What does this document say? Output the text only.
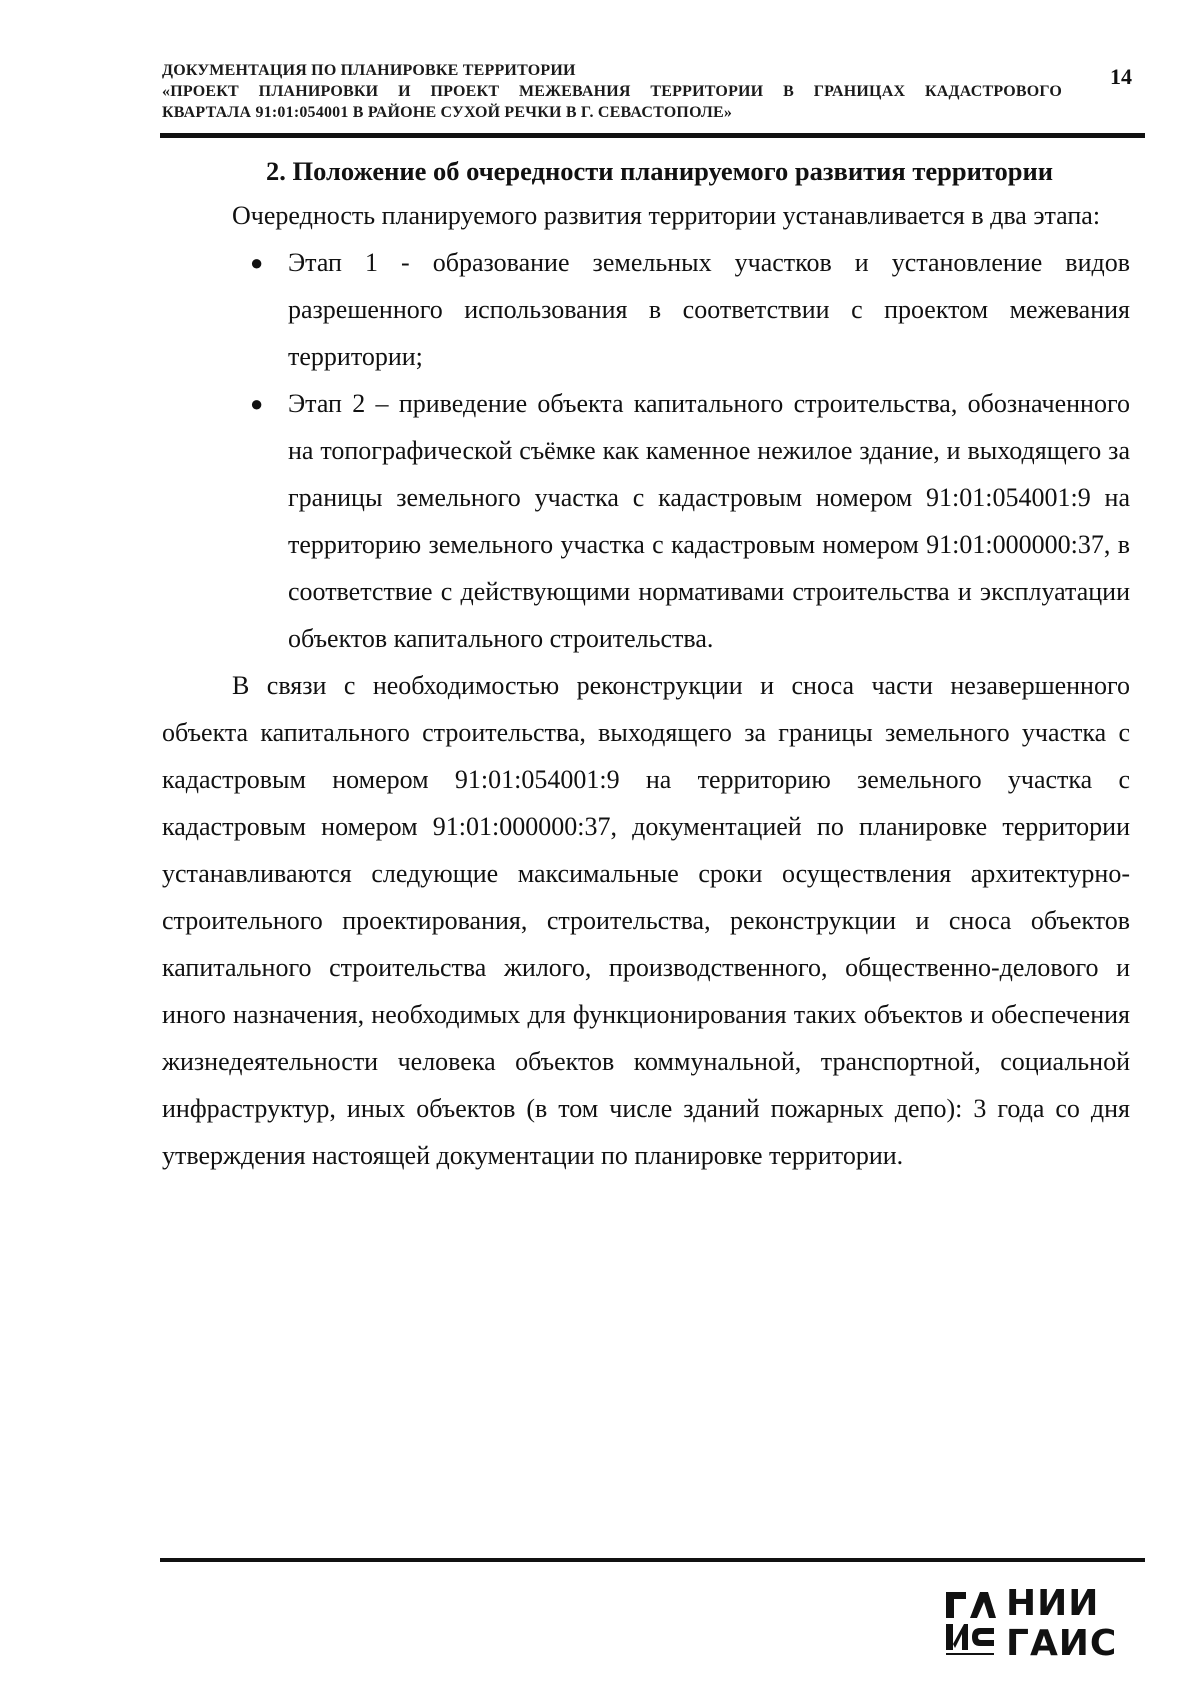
ДОКУМЕНТАЦИЯ ПО ПЛАНИРОВКЕ ТЕРРИТОРИИ
«ПРОЕКТ ПЛАНИРОВКИ И ПРОЕКТ МЕЖЕВАНИЯ ТЕРРИТОРИИ В ГРАНИЦАХ КАДАСТРОВОГО
КВАРТАЛА 91:01:054001 В РАЙОНЕ СУХОЙ РЕЧКИ В Г. СЕВАСТОПОЛЕ»
14
2. Положение об очередности планируемого развития территории

Очередность планируемого развития территории устанавливается в два этапа:

● Этап 1 - образование земельных участков и установление видов разрешенного использования в соответствии с проектом межевания территории;
● Этап 2 – приведение объекта капитального строительства, обозначенного на топографической съёмке как каменное нежилое здание, и выходящего за границы земельного участка с кадастровым номером 91:01:054001:9 на территорию земельного участка с кадастровым номером 91:01:000000:37, в соответствие с действующими нормативами строительства и эксплуатации объектов капитального строительства.

В связи с необходимостью реконструкции и сноса части незавершенного объекта капитального строительства, выходящего за границы земельного участка с кадастровым номером 91:01:054001:9 на территорию земельного участка с кадастровым номером 91:01:000000:37, документацией по планировке территории устанавливаются следующие максимальные сроки осуществления архитектурно-строительного проектирования, строительства, реконструкции и сноса объектов капитального строительства жилого, производственного, общественно-делового и иного назначения, необходимых для функционирования таких объектов и обеспечения жизнедеятельности человека объектов коммунальной, транспортной, социальной инфраструктур, иных объектов (в том числе зданий пожарных депо): 3 года со дня утверждения настоящей документации по планировке территории.

НИИ
ГАИС
